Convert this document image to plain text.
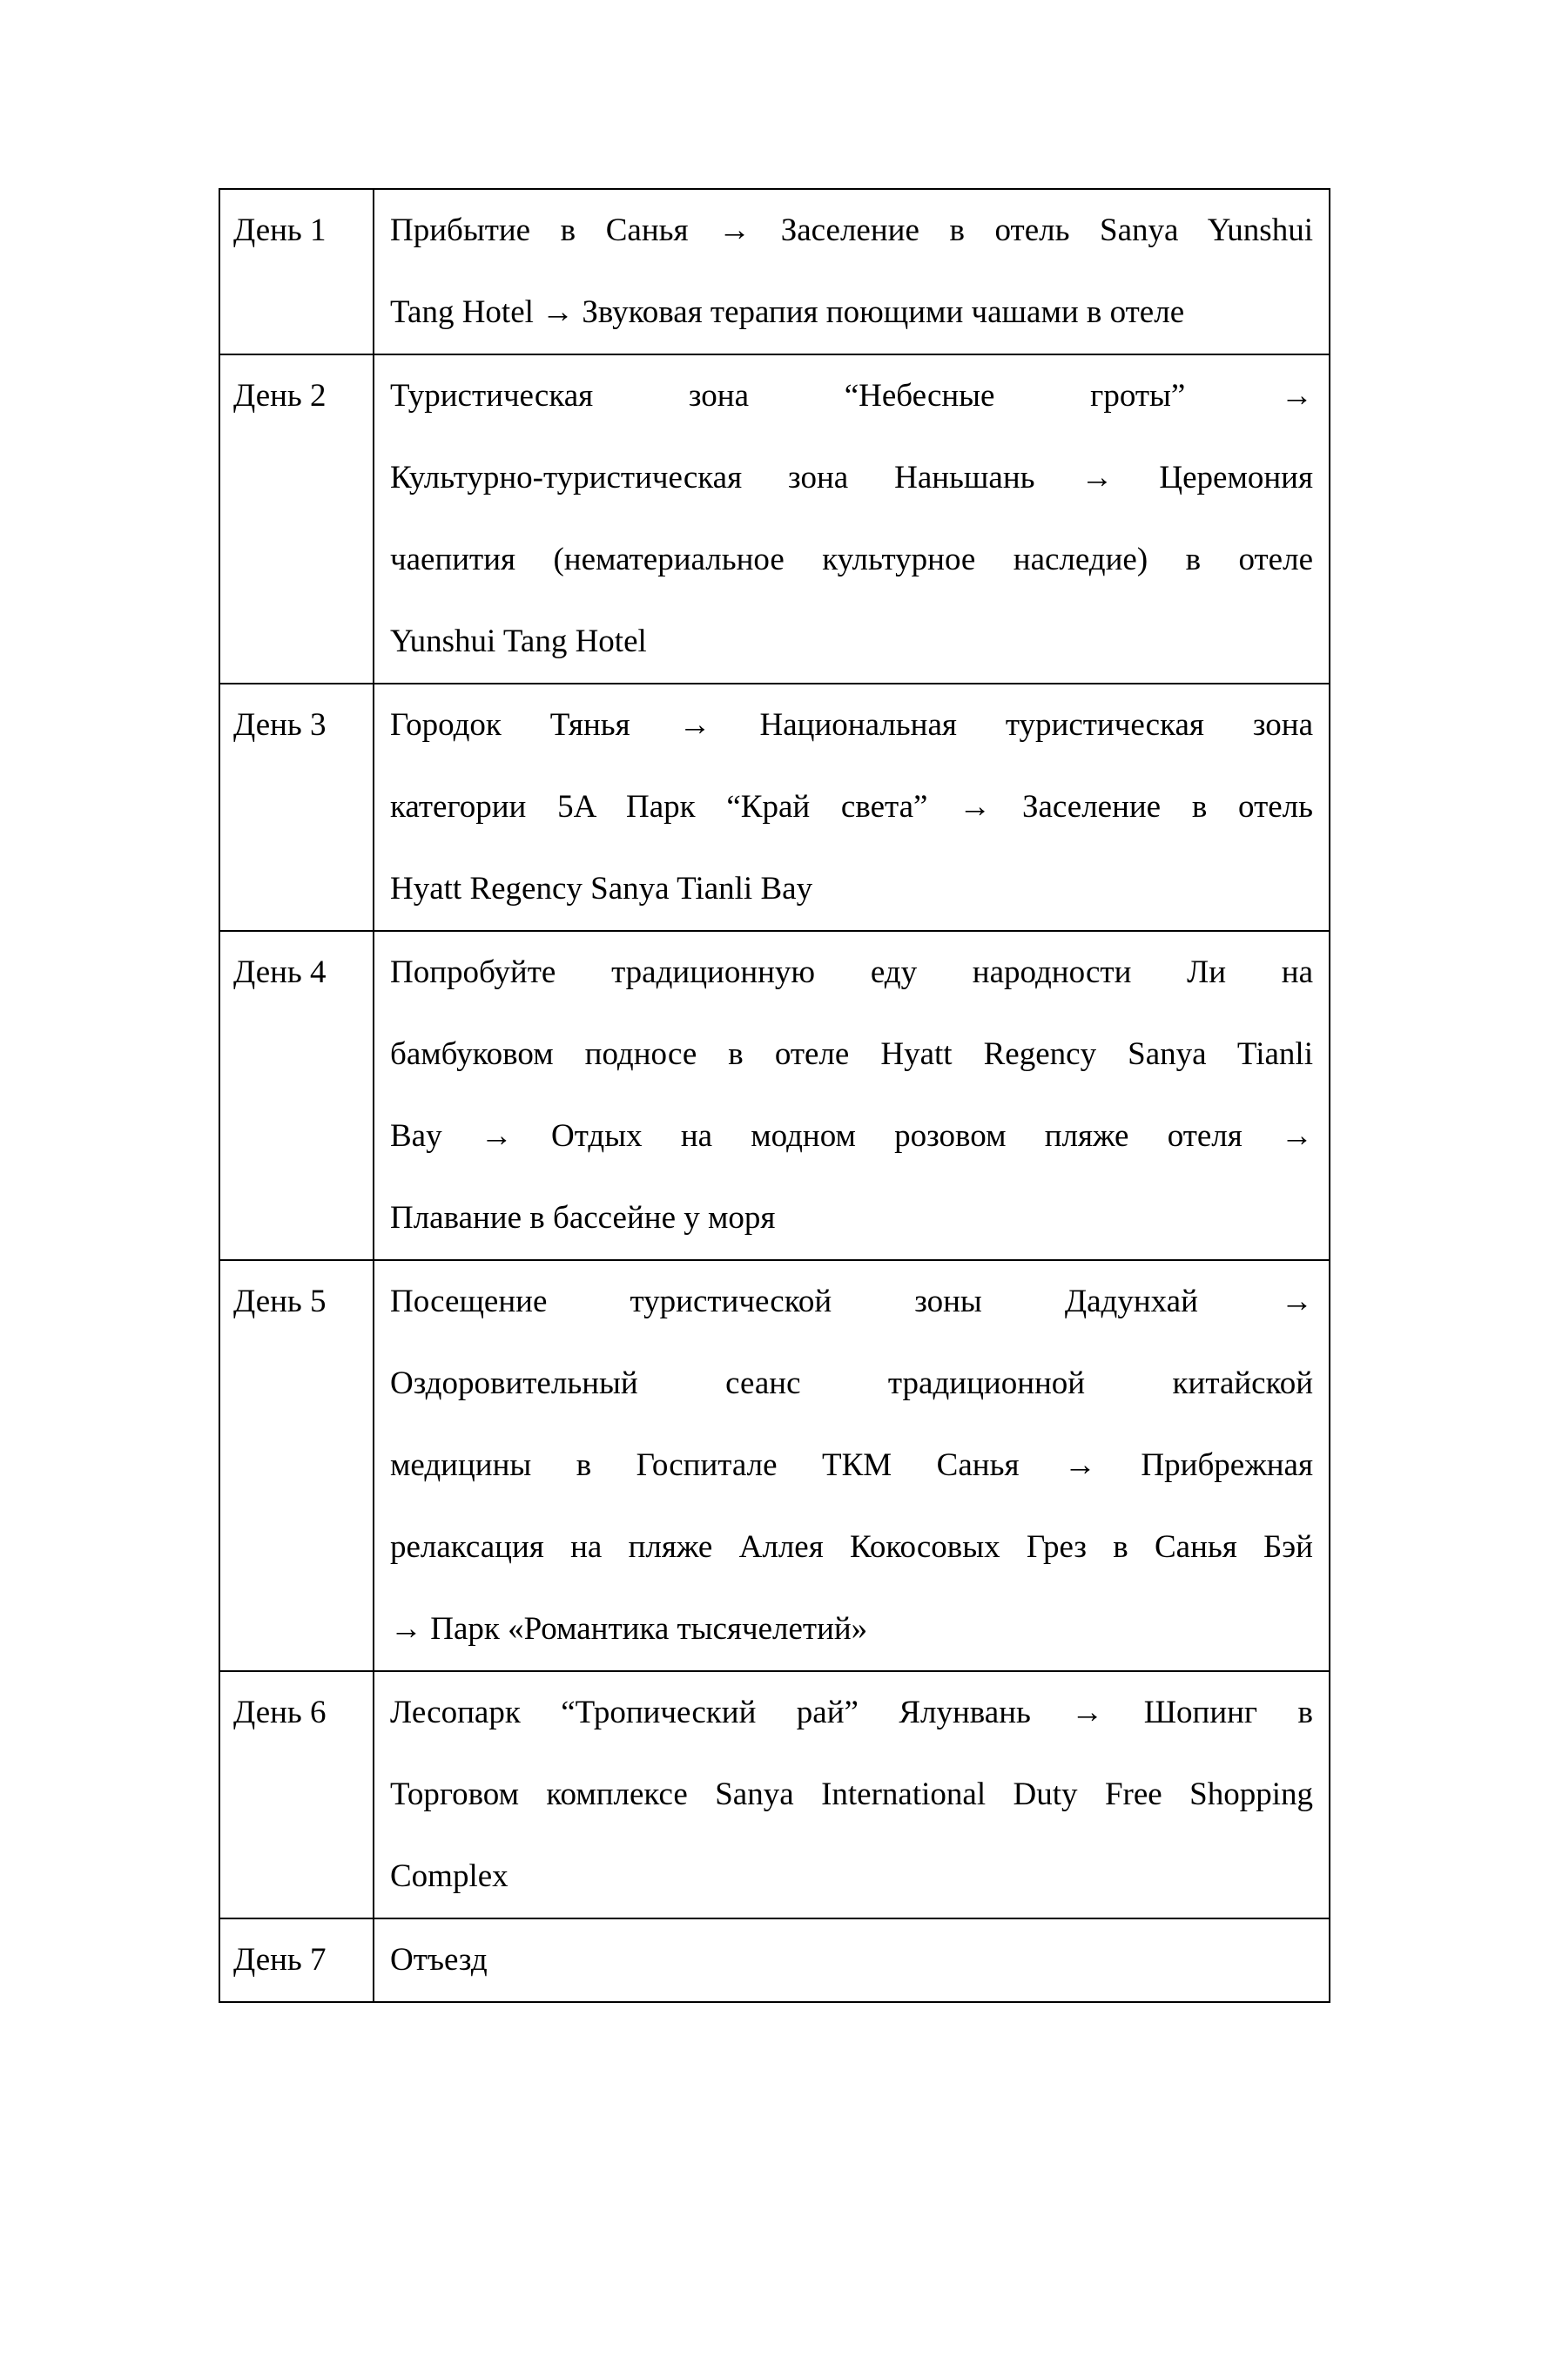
День 1	Прибытие в Санья → Заселение в отель Sanya Yunshui
Tang Hotel → Звуковая терапия поющими чашами в отеле

День 2	Туристическая зона “Небесные гроты” →
Культурно-туристическая зона Наньшань → Церемония
чаепития (нематериальное культурное наследие) в отеле
Yunshui Tang Hotel

День 3	Городок Тянья → Национальная туристическая зона
категории 5A Парк “Край света” → Заселение в отель
Hyatt Regency Sanya Tianli Bay

День 4	Попробуйте традиционную еду народности Ли на
бамбуковом подносе в отеле Hyatt Regency Sanya Tianli
Bay → Отдых на модном розовом пляже отеля →
Плавание в бассейне у моря

День 5	Посещение туристической зоны Дадунхай →
Оздоровительный сеанс традиционной китайской
медицины в Госпитале ТКМ Санья → Прибрежная
релаксация на пляже Аллея Кокосовых Грез в Санья Бэй
→ Парк «Романтика тысячелетий»

День 6	Лесопарк “Тропический рай” Ялунвань → Шопинг в
Торговом комплексе Sanya International Duty Free Shopping
Complex

День 7	Отъезд
